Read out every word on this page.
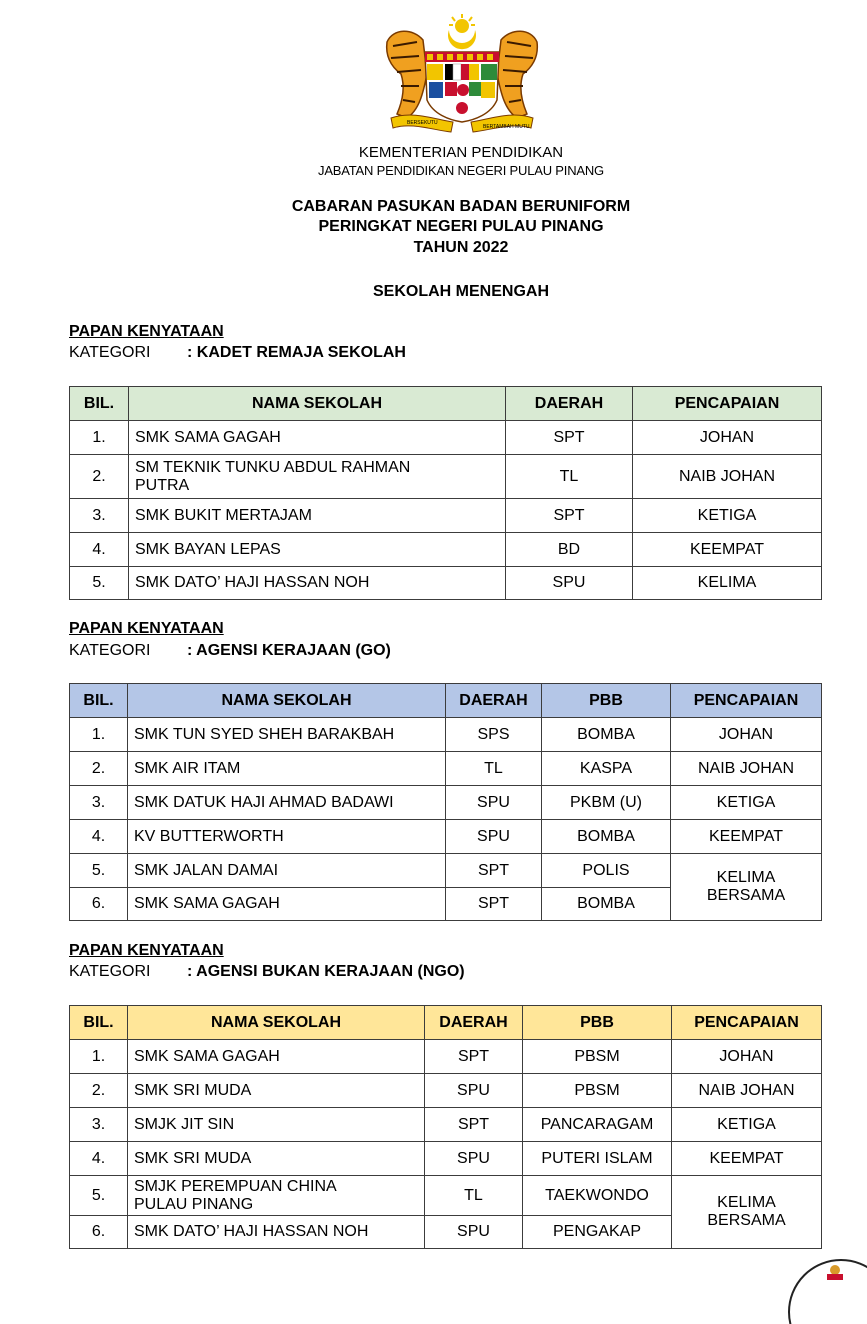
BERSEKUTU
BERTAMBAH MUTU
KEMENTERIAN PENDIDIKAN
JABATAN PENDIDIKAN NEGERI PULAU PINANG
CABARAN PASUKAN BADAN BERUNIFORM
PERINGKAT NEGERI PULAU PINANG
TAHUN 2022
SEKOLAH MENENGAH
PAPAN KENYATAAN
KATEGORI : KADET REMAJA SEKOLAH
BIL.	NAMA SEKOLAH	DAERAH	PENCAPAIAN
1.	SMK SAMA GAGAH	SPT	JOHAN
2.	SM TEKNIK TUNKU ABDUL RAHMAN PUTRA	TL	NAIB JOHAN
3.	SMK BUKIT MERTAJAM	SPT	KETIGA
4.	SMK BAYAN LEPAS	BD	KEEMPAT
5.	SMK DATO’ HAJI HASSAN NOH	SPU	KELIMA
PAPAN KENYATAAN
KATEGORI : AGENSI KERAJAAN (GO)
BIL.	NAMA SEKOLAH	DAERAH	PBB	PENCAPAIAN
1.	SMK TUN SYED SHEH BARAKBAH	SPS	BOMBA	JOHAN
2.	SMK AIR ITAM	TL	KASPA	NAIB JOHAN
3.	SMK DATUK HAJI AHMAD BADAWI	SPU	PKBM (U)	KETIGA
4.	KV BUTTERWORTH	SPU	BOMBA	KEEMPAT
5.	SMK JALAN DAMAI	SPT	POLIS	KELIMA BERSAMA
6.	SMK SAMA GAGAH	SPT	BOMBA	
PAPAN KENYATAAN
KATEGORI : AGENSI BUKAN KERAJAAN (NGO)
BIL.	NAMA SEKOLAH	DAERAH	PBB	PENCAPAIAN
1.	SMK SAMA GAGAH	SPT	PBSM	JOHAN
2.	SMK SRI MUDA	SPU	PBSM	NAIB JOHAN
3.	SMJK JIT SIN	SPT	PANCARAGAM	KETIGA
4.	SMK SRI MUDA	SPU	PUTERI ISLAM	KEEMPAT
5.	SMJK PEREMPUAN CHINA PULAU PINANG	TL	TAEKWONDO	KELIMA BERSAMA
6.	SMK DATO’ HAJI HASSAN NOH	SPU	PENGAKAP	
